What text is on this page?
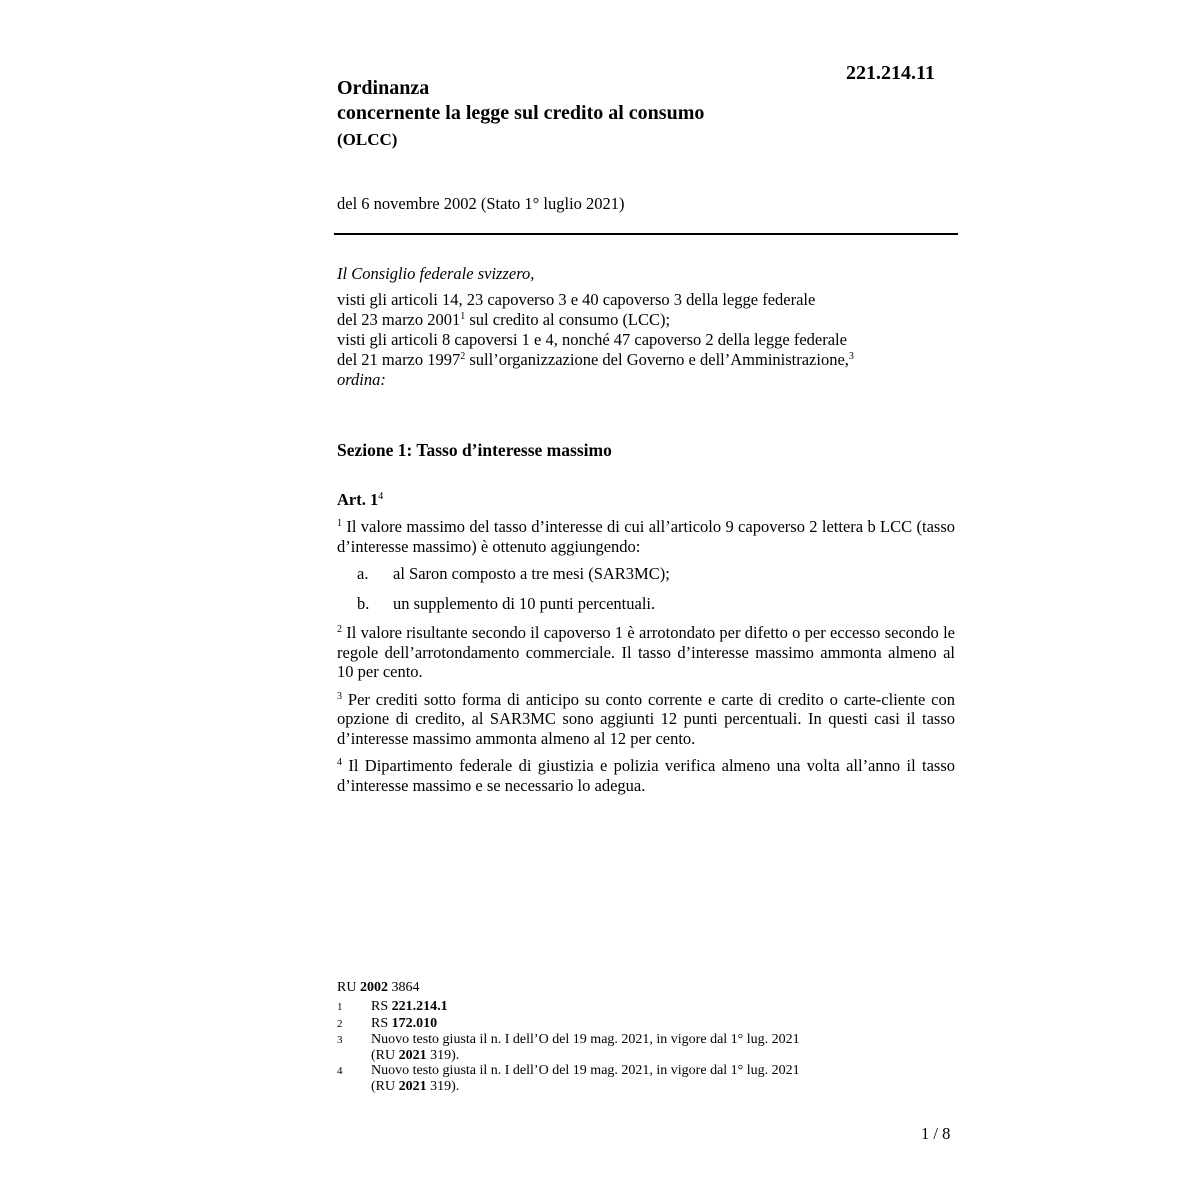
221.214.11
Ordinanza
concernente la legge sul credito al consumo
(OLCC)
del 6 novembre 2002 (Stato 1° luglio 2021)

Il Consiglio federale svizzero,

visti gli articoli 14, 23 capoverso 3 e 40 capoverso 3 della legge federale

del 23 marzo 2001$^1$ sul credito al consumo (LCC);

visti gli articoli 8 capoversi 1 e 4, nonché 47 capoverso 2 della legge federale

del 21 marzo 1997$^2$ sull’organizzazione del Governo e dell’Amministrazione,$^3$

ordina:

Sezione 1: Tasso d’interesse massimo
Art. $1^4$

$^1$ Il valore massimo del tasso d’interesse di cui all’articolo 9 capoverso 2 lettera b LCC (tasso d’interesse massimo) è ottenuto aggiungendo:

a.	al Saron composto a tre mesi (SAR3MC);
b.	un supplemento di 10 punti percentuali.

$^2$ Il valore risultante secondo il capoverso 1 è arrotondato per difetto o per eccesso secondo le regole dell’arrotondamento commerciale. Il tasso d’interesse massimo ammonta almeno al 10 per cento.

$^3$ Per crediti sotto forma di anticipo su conto corrente e carte di credito o carte-cliente con opzione di credito, al SAR3MC sono aggiunti 12 punti percentuali. In questi casi il tasso d’interesse massimo ammonta almeno al 12 per cento.

$^4$ Il Dipartimento federale di giustizia e polizia verifica almeno una volta all’anno il tasso d’interesse massimo e se necessario lo adegua.

RU 2002 3864
1	RS 221.214.1
2	RS 172.010
3	Nuovo testo giusta il n. I dell’O del 19 mag. 2021, in vigore dal 1° lug. 2021
(RU 2021 319).
4	Nuovo testo giusta il n. I dell’O del 19 mag. 2021, in vigore dal 1° lug. 2021
(RU 2021 319).
1 / 8
